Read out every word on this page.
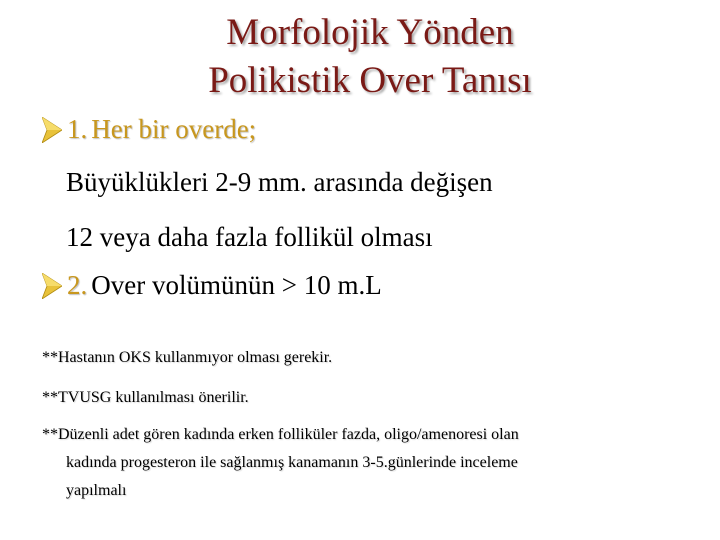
Morfolojik Yönden
Polikistik Over Tanısı
1.
Her bir overde;
Büyüklükleri 2-9 mm. arasında değişen
12 veya daha fazla follikül olması
2.
Over volümünün > 10 m.L
**Hastanın OKS kullanmıyor olması gerekir.
**TVUSG kullanılması önerilir.
**Düzenli adet gören kadında erken folliküler fazda, oligo/amenoresi olan
kadında progesteron ile sağlanmış kanamanın 3-5.günlerinde inceleme
yapılmalı
